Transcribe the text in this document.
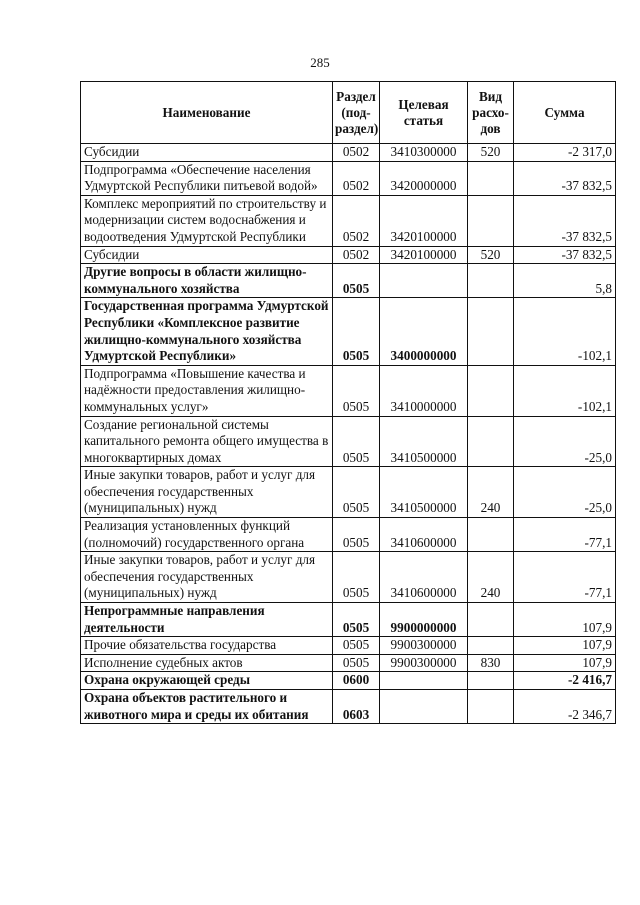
285
Наименование	Раздел (под-раздел)	Целевая статья	Вид расхо-дов	Сумма
Субсидии	0502	3410300000	520	-2 317,0
Подпрограмма «Обеспечение населения Удмуртской Республики питьевой водой»	0502	3420000000		-37 832,5
Комплекс мероприятий по строительству и модернизации систем водоснабжения и водоотведения Удмуртской Республики	0502	3420100000		-37 832,5
Субсидии	0502	3420100000	520	-37 832,5
Другие вопросы в области жилищно-коммунального хозяйства	0505			5,8
Государственная программа Удмуртской Республики «Комплексное развитие жилищно-коммунального хозяйства Удмуртской Республики»	0505	3400000000		-102,1
Подпрограмма «Повышение качества и надёжности предоставления жилищно-коммунальных услуг»	0505	3410000000		-102,1
Создание региональной системы капитального ремонта общего имущества в многоквартирных домах	0505	3410500000		-25,0
Иные закупки товаров, работ и услуг для обеспечения государственных (муниципальных) нужд	0505	3410500000	240	-25,0
Реализация установленных функций (полномочий) государственного органа	0505	3410600000		-77,1
Иные закупки товаров, работ и услуг для обеспечения государственных (муниципальных) нужд	0505	3410600000	240	-77,1
Непрограммные направления деятельности	0505	9900000000		107,9
Прочие обязательства государства	0505	9900300000		107,9
Исполнение судебных актов	0505	9900300000	830	107,9
Охрана окружающей среды	0600			-2 416,7
Охрана объектов растительного и животного мира и среды их обитания	0603			-2 346,7
